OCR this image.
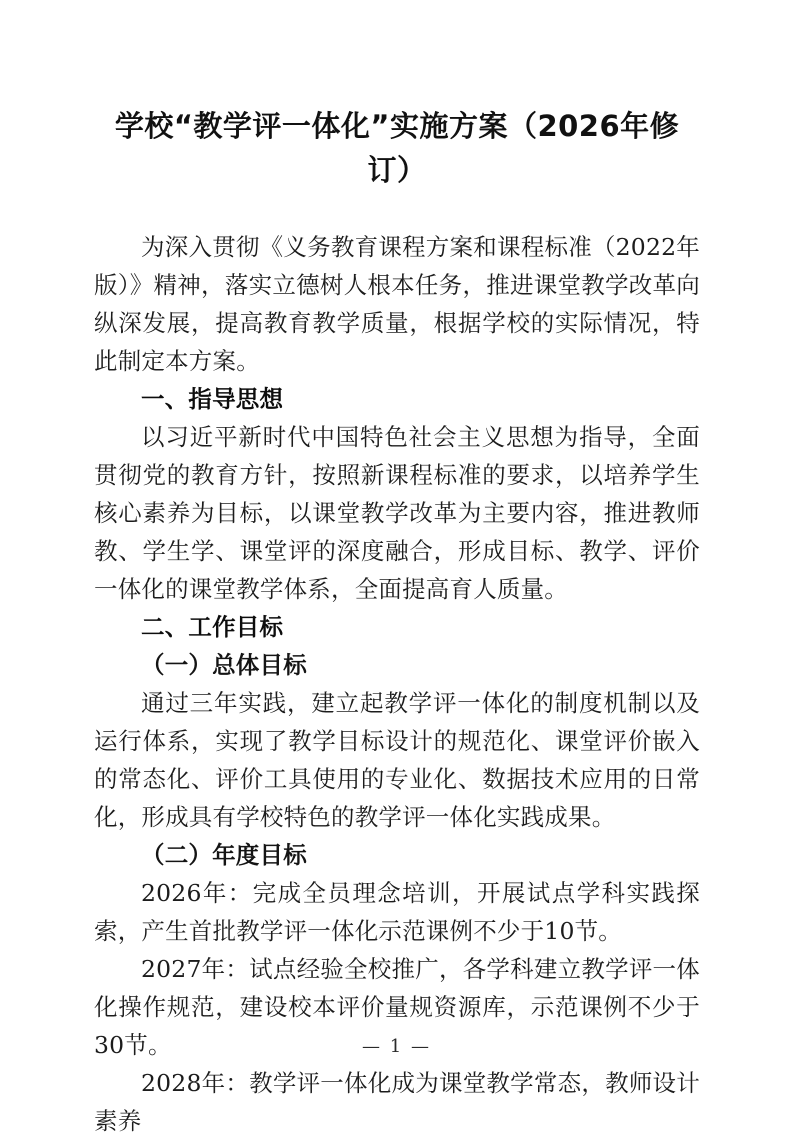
学校“教学评一体化”实施方案（2026年修订）

为深入贯彻《义务教育课程方案和课程标准（2022年版）》精神，落实立德树人根本任务，推进课堂教学改革向纵深发展，提高教育教学质量，根据学校的实际情况，特此制定本方案。

一、指导思想

以习近平新时代中国特色社会主义思想为指导，全面贯彻党的教育方针，按照新课程标准的要求，以培养学生核心素养为目标，以课堂教学改革为主要内容，推进教师教、学生学、课堂评的深度融合，形成目标、教学、评价一体化的课堂教学体系，全面提高育人质量。

二、工作目标

（一）总体目标

通过三年实践，建立起教学评一体化的制度机制以及运行体系，实现了教学目标设计的规范化、课堂评价嵌入的常态化、评价工具使用的专业化、数据技术应用的日常化，形成具有学校特色的教学评一体化实践成果。

（二）年度目标

2026年：完成全员理念培训，开展试点学科实践探索，产生首批教学评一体化示范课例不少于10节。

2027年：试点经验全校推广，各学科建立教学评一体化操作规范，建设校本评价量规资源库，示范课例不少于30节。

2028年：教学评一体化成为课堂教学常态，教师设计素养

— 1 —
